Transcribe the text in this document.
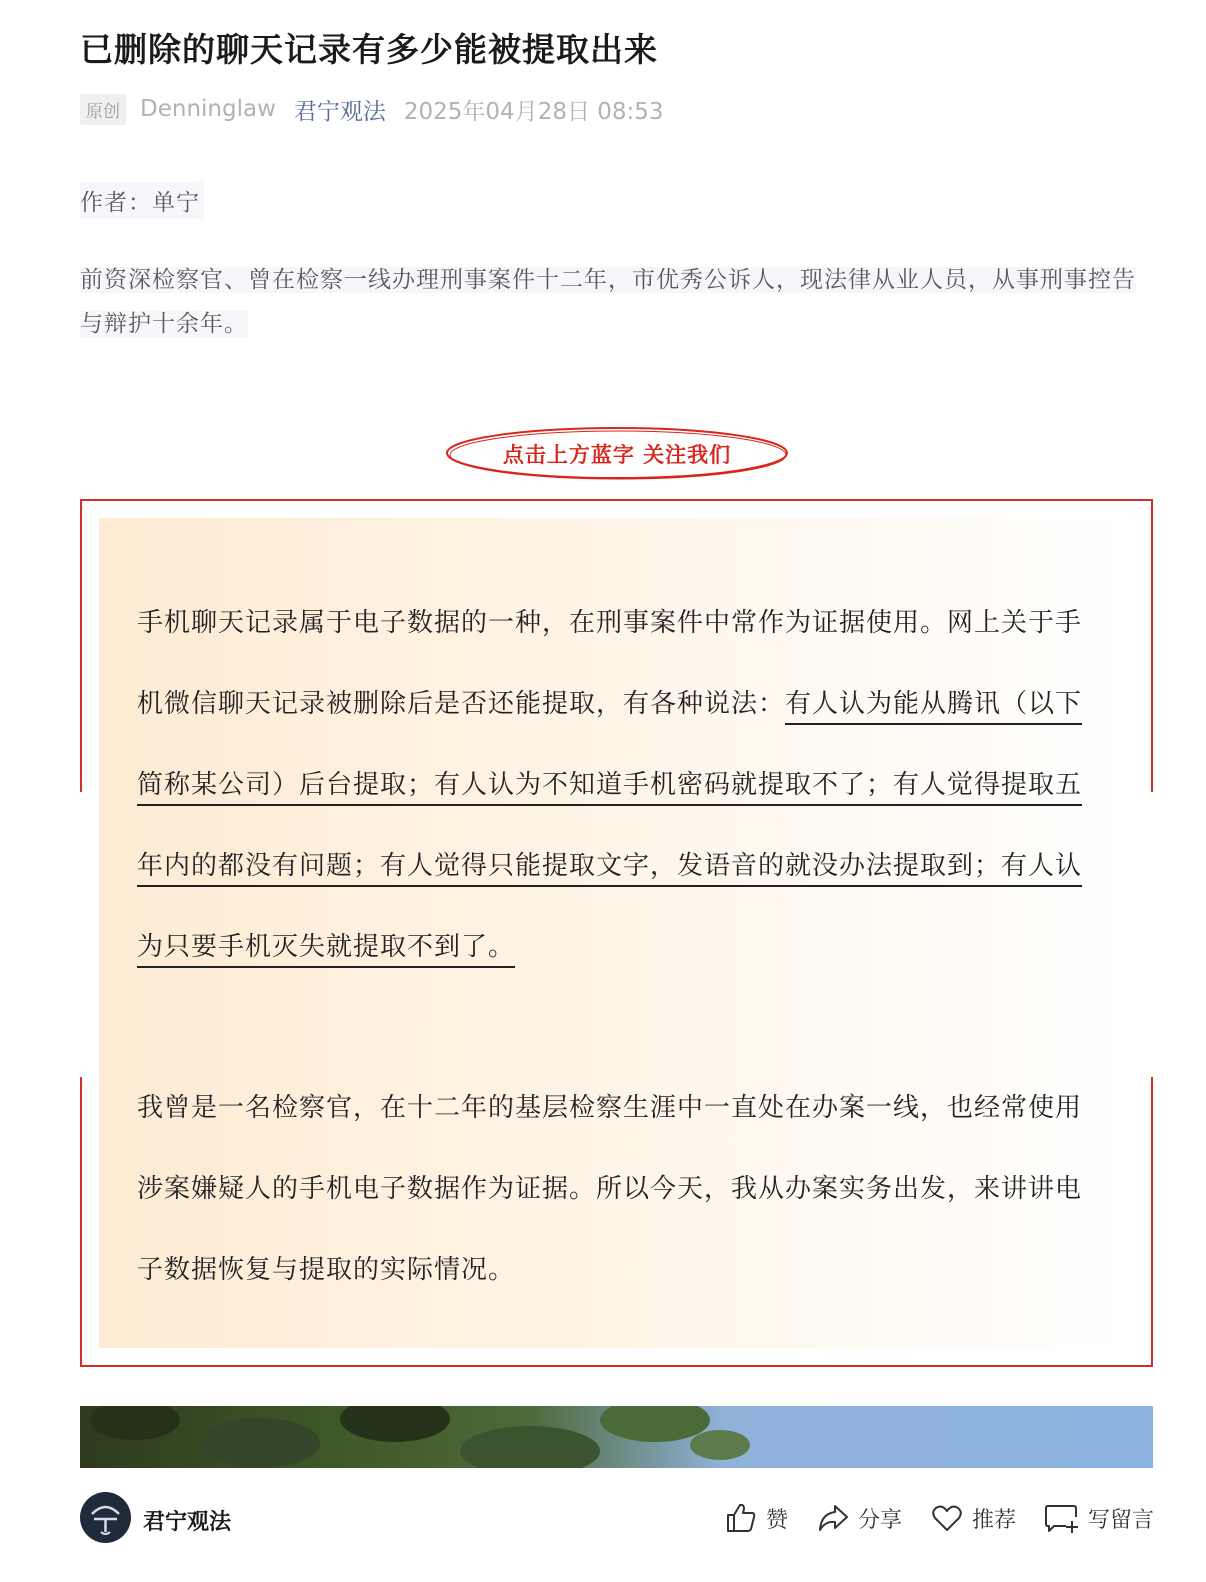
已删除的聊天记录有多少能被提取出来
原创 Denninglaw 君宁观法 2025年04月28日 08:53
作者：单宁
前资深检察官、曾在检察一线办理刑事案件十二年，市优秀公诉人，现法律从业人员，从事刑事控告与辩护十余年。
点击上方蓝字 关注我们

手机聊天记录属于电子数据的一种，在刑事案件中常作为证据使用。网上关于手机微信聊天记录被删除后是否还能提取，有各种说法：有人认为能从腾讯（以下简称某公司）后台提取；有人认为不知道手机密码就提取不了；有人觉得提取五年内的都没有问题；有人觉得只能提取文字，发语音的就没办法提取到；有人认为只要手机灭失就提取不到了。

我曾是一名检察官，在十二年的基层检察生涯中一直处在办案一线，也经常使用涉案嫌疑人的手机电子数据作为证据。所以今天，我从办案实务出发，来讲讲电子数据恢复与提取的实际情况。

君宁观法	赞	分享	推荐	写留言
